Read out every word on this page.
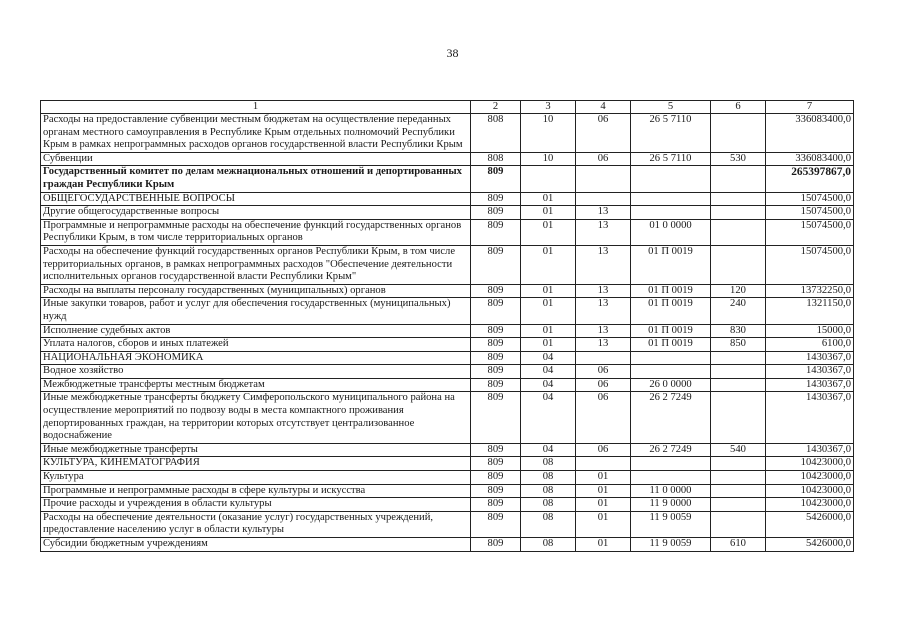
38
1	2	3	4	5	6	7
Расходы на предоставление субвенции местным бюджетам на осуществление переданных органам местного самоуправления в Республике Крым отдельных полномочий Республики Крым в рамках непрограммных расходов органов государственной власти Республики Крым	808	10	06	26 5 7110		336083400,0
Субвенции	808	10	06	26 5 7110	530	336083400,0
Государственный комитет по делам межнациональных отношений и депортированных граждан Республики Крым	809					265397867,0
ОБЩЕГОСУДАРСТВЕННЫЕ ВОПРОСЫ	809	01				15074500,0
Другие общегосударственные вопросы	809	01	13			15074500,0
Программные и непрограммные расходы на обеспечение функций государственных органов Республики Крым, в том числе территориальных органов	809	01	13	01 0 0000		15074500,0
Расходы на обеспечение функций государственных органов Республики Крым, в том числе территориальных органов, в рамках непрограммных расходов "Обеспечение деятельности исполнительных органов государственной власти Республики Крым"	809	01	13	01 П 0019		15074500,0
Расходы на выплаты персоналу государственных (муниципальных) органов	809	01	13	01 П 0019	120	13732250,0
Иные закупки товаров, работ и услуг для обеспечения государственных (муниципальных) нужд	809	01	13	01 П 0019	240	1321150,0
Исполнение судебных актов	809	01	13	01 П 0019	830	15000,0
Уплата налогов, сборов и иных платежей	809	01	13	01 П 0019	850	6100,0
НАЦИОНАЛЬНАЯ ЭКОНОМИКА	809	04				1430367,0
Водное хозяйство	809	04	06			1430367,0
Межбюджетные трансферты местным бюджетам	809	04	06	26 0 0000		1430367,0
Иные межбюджетные трансферты бюджету Симферопольского муниципального района на осуществление мероприятий по подвозу воды в места компактного проживания депортированных граждан, на территории которых отсутствует централизованное водоснабжение	809	04	06	26 2 7249		1430367,0
Иные межбюджетные трансферты	809	04	06	26 2 7249	540	1430367,0
КУЛЬТУРА, КИНЕМАТОГРАФИЯ	809	08				10423000,0
Культура	809	08	01			10423000,0
Программные и непрограммные расходы в сфере культуры и искусства	809	08	01	11 0 0000		10423000,0
Прочие расходы и учреждения в области культуры	809	08	01	11 9 0000		10423000,0
Расходы на обеспечение деятельности (оказание услуг) государственных учреждений, предоставление населению услуг в области культуры	809	08	01	11 9 0059		5426000,0
Субсидии бюджетным учреждениям	809	08	01	11 9 0059	610	5426000,0
